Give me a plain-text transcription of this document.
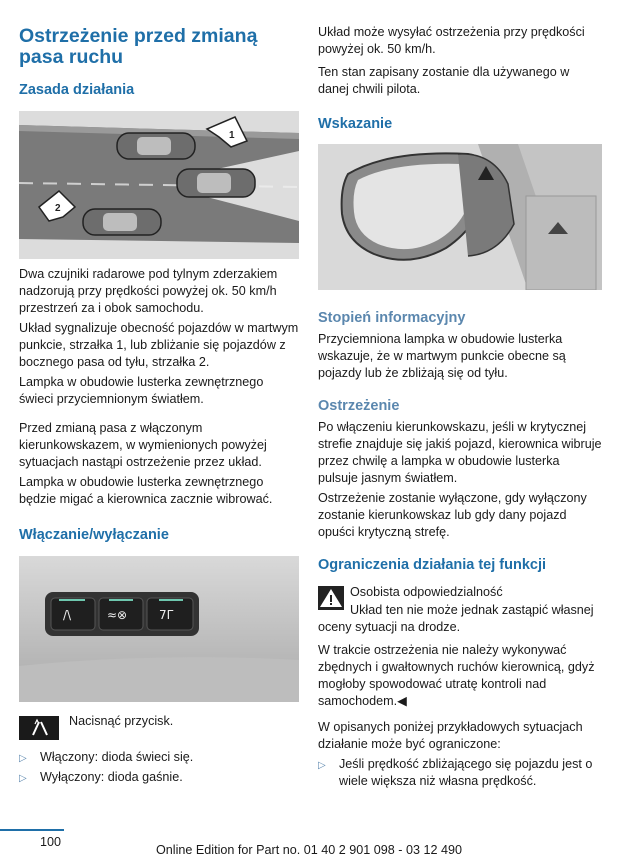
Ostrzeżenie przed zmianą pasa ruchu
Zasada działania
1
2

Dwa czujniki radarowe pod tylnym zderzakiem nadzorują przy prędkości powyżej ok. 50 km/h przestrzeń za i obok samochodu.

Układ sygnalizuje obecność pojazdów w martwym punkcie, strzałka 1, lub zbliżanie się pojazdów z bocznego pasa od tyłu, strzałka 2.

Lampka w obudowie lusterka zewnętrznego świeci przyciemnionym światłem.

Przed zmianą pasa z włączonym kierunkowskazem, w wymienionych powyżej sytuacjach nastąpi ostrzeżenie przez układ.

Lampka w obudowie lusterka zewnętrznego będzie migać a kierownica zacznie wibrować.

Włączanie/wyłączanie
/\	≈⊗	7Γ

Nacisnąć przycisk.

▷ Włączony: dioda świeci się.
▷ Wyłączony: dioda gaśnie.

Układ może wysyłać ostrzeżenia przy prędkości powyżej ok. 50 km/h.

Ten stan zapisany zostanie dla używanego w danej chwili pilota.

Wskazanie
Stopień informacyjny

Przyciemniona lampka w obudowie lusterka wskazuje, że w martwym punkcie obecne są pojazdy lub że zbliżają się od tyłu.

Ostrzeżenie

Po włączeniu kierunkowskazu, jeśli w krytycznej strefie znajduje się jakiś pojazd, kierownica wibruje przez chwilę a lampka w obudowie lusterka pulsuje jasnym światłem.

Ostrzeżenie zostanie wyłączone, gdy wyłączony zostanie kierunkowskaz lub gdy dany pojazd opuści krytyczną strefę.

Ograniczenia działania tej funkcji

Osobista odpowiedzialność

Układ ten nie może jednak zastąpić własnej oceny sytuacji na drodze.

W trakcie ostrzeżenia nie należy wykonywać zbędnych i gwałtownych ruchów kierownicą, gdyż mogłoby spowodować utratę kontroli nad samochodem.◀

W opisanych poniżej przykładowych sytuacjach działanie może być ograniczone:

▷ Jeśli prędkość zbliżającego się pojazdu jest o wiele większa niż własna prędkość.
100
Online Edition for Part no. 01 40 2 901 098 - 03 12 490
